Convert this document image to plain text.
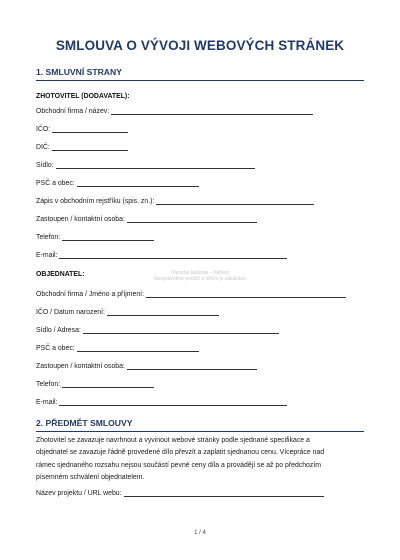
SMLOUVA O VÝVOJI WEBOVÝCH STRÁNEK
1. SMLUVNÍ STRANY
ZHOTOVITEL (DODAVATEL):
Obchodní firma / název:
IČO:
DIČ:
Sídlo:
PSČ a obec:
Zápis v obchodním rejstříku (spis. zn.):
Zastoupen / kontaktní osoba:
Telefon:
E-mail:
OBJEDNATEL:	Placená šablona – náhled
Neoprávněné použití a šíření je zakázáno
Obchodní firma / Jméno a příjmení:
IČO / Datum narození:
Sídlo / Adresa:
PSČ a obec:
Zastoupen / kontaktní osoba:
Telefon:
E-mail:
2. PŘEDMĚT SMLOUVY
Zhotovitel se zavazuje navrhnout a vyvinout webové stránky podle sjednané specifikace a
objednatel se zavazuje řádně provedené dílo převzít a zaplatit sjednanou cenu. Vícepráce nad
rámec sjednaného rozsahu nejsou součástí pevné ceny díla a provádějí se až po předchozím
písemném schválení objednatelem.
Název projektu / URL webu:
1 / 4
